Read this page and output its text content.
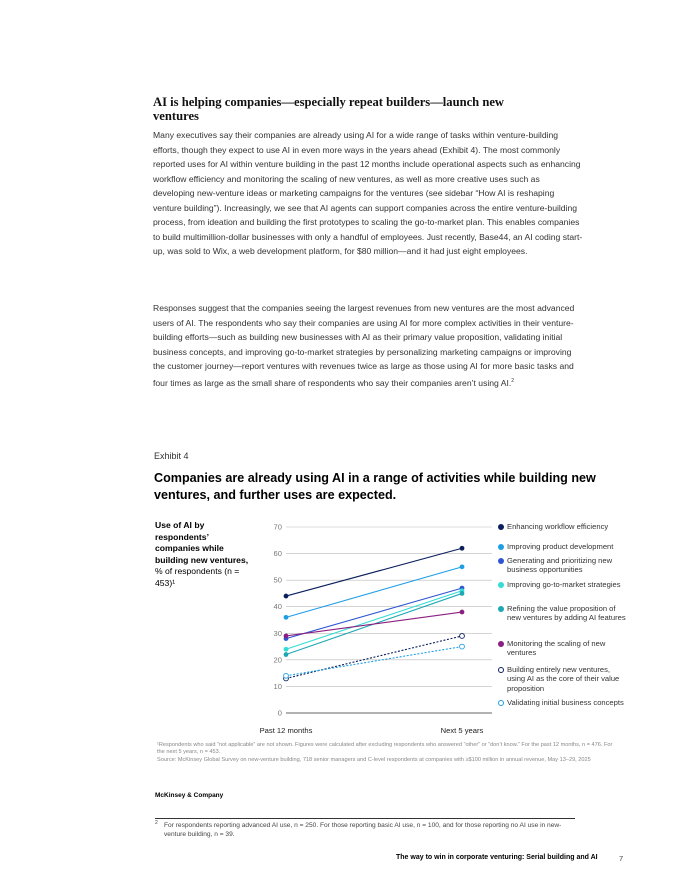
AI is helping companies—especially repeat builders—launch new ventures

Many executives say their companies are already using AI for a wide range of tasks within venture-building efforts, though they expect to use AI in even more ways in the years ahead (Exhibit 4). The most commonly reported uses for AI within venture building in the past 12 months include operational aspects such as enhancing workflow efficiency and monitoring the scaling of new ventures, as well as more creative uses such as developing new-venture ideas or marketing campaigns for the ventures (see sidebar “How AI is reshaping venture building”). Increasingly, we see that AI agents can support companies across the entire venture-building process, from ideation and building the first prototypes to scaling the go-to-market plan. This enables companies to build multimillion-dollar businesses with only a handful of employees. Just recently, Base44, an AI coding start-up, was sold to Wix, a web development platform, for $80 million—and it had just eight employees.

Responses suggest that the companies seeing the largest revenues from new ventures are the most advanced users of AI. The respondents who say their companies are using AI for more complex activities in their venture-building efforts—such as building new businesses with AI as their primary value proposition, validating initial business concepts, and improving go-to-market strategies by personalizing marketing campaigns or improving the customer journey—report ventures with revenues twice as large as those using AI for more basic tasks and four times as large as the small share of respondents who say their companies aren’t using AI.$^2$

Exhibit 4
Companies are already using AI in a range of activities while building new ventures, and further uses are expected.
Use of AI by respondents’ companies while building new ventures,
% of respondents (n = 453)¹
0
10
20
30
40
50
60
70
Past 12 months	Next 5 years
Enhancing workflow efficiency
Improving product development
Generating and prioritizing new business opportunities
Improving go-to-market strategies
Refining the value proposition of new ventures by adding AI features
Monitoring the scaling of new ventures
Building entirely new ventures, using AI as the core of their value proposition
Validating initial business concepts
¹Respondents who said “not applicable” are not shown. Figures were calculated after excluding respondents who answered “other” or “don’t know.” For the past 12 months, n = 476. For the next 5 years, n = 453.
Source: McKinsey Global Survey on new-venture building, 718 senior managers and C-level respondents at companies with ≥$100 million in annual revenue, May 13–29, 2025
McKinsey & Company
2 For respondents reporting advanced AI use, n = 250. For those reporting basic AI use, n = 100, and for those reporting no AI use in new-venture building, n = 39.
The way to win in corporate venturing: Serial building and AI	7
